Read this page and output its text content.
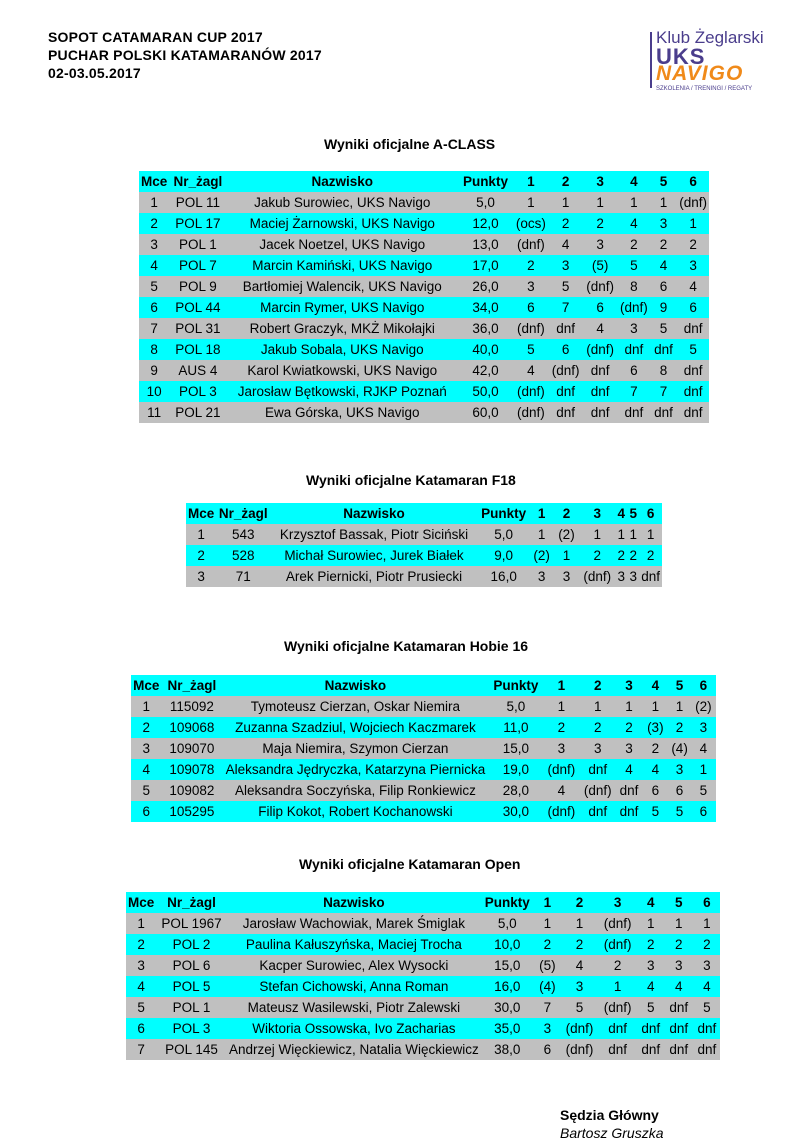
SOPOT CATAMARAN CUP 2017
PUCHAR POLSKI KATAMARANÓW 2017
02-03.05.2017
Klub Żeglarski
UKS
NAVIGO
SZKOLENIA / TRENINGI / REGATY
Wyniki oficjalne A-CLASS
Mce	Nr_żagl	Nazwisko	Punkty	1	2	3	4	5	6
1	POL 11	Jakub Surowiec, UKS Navigo	5,0	1	1	1	1	1	(dnf)
2	POL 17	Maciej Żarnowski, UKS Navigo	12,0	(ocs)	2	2	4	3	1
3	POL 1	Jacek Noetzel, UKS Navigo	13,0	(dnf)	4	3	2	2	2
4	POL 7	Marcin Kamiński, UKS Navigo	17,0	2	3	(5)	5	4	3
5	POL 9	Bartłomiej Walencik, UKS Navigo	26,0	3	5	(dnf)	8	6	4
6	POL 44	Marcin Rymer, UKS Navigo	34,0	6	7	6	(dnf)	9	6
7	POL 31	Robert Graczyk, MKŻ Mikołajki	36,0	(dnf)	dnf	4	3	5	dnf
8	POL 18	Jakub Sobala, UKS Navigo	40,0	5	6	(dnf)	dnf	dnf	5
9	AUS 4	Karol Kwiatkowski, UKS Navigo	42,0	4	(dnf)	dnf	6	8	dnf
10	POL 3	Jarosław Bętkowski, RJKP Poznań	50,0	(dnf)	dnf	dnf	7	7	dnf
11	POL 21	Ewa Górska, UKS Navigo	60,0	(dnf)	dnf	dnf	dnf	dnf	dnf
Wyniki oficjalne Katamaran F18
Mce	Nr_żagl	Nazwisko	Punkty	1	2	3	4	5	6
1	543	Krzysztof Bassak, Piotr Siciński	5,0	1	(2)	1	1	1	1
2	528	Michał Surowiec, Jurek Białek	9,0	(2)	1	2	2	2	2
3	71	Arek Piernicki, Piotr Prusiecki	16,0	3	3	(dnf)	3	3	dnf
Wyniki oficjalne Katamaran Hobie 16
Mce	Nr_żagl	Nazwisko	Punkty	1	2	3	4	5	6
1	115092	Tymoteusz Cierzan, Oskar Niemira	5,0	1	1	1	1	1	(2)
2	109068	Zuzanna Szadziul, Wojciech Kaczmarek	11,0	2	2	2	(3)	2	3
3	109070	Maja Niemira, Szymon Cierzan	15,0	3	3	3	2	(4)	4
4	109078	Aleksandra Jędryczka, Katarzyna Piernicka	19,0	(dnf)	dnf	4	4	3	1
5	109082	Aleksandra Soczyńska, Filip Ronkiewicz	28,0	4	(dnf)	dnf	6	6	5
6	105295	Filip Kokot, Robert Kochanowski	30,0	(dnf)	dnf	dnf	5	5	6
Wyniki oficjalne Katamaran Open
Mce	Nr_żagl	Nazwisko	Punkty	1	2	3	4	5	6
1	POL 1967	Jarosław Wachowiak, Marek Śmiglak	5,0	1	1	(dnf)	1	1	1
2	POL 2	Paulina Kałuszyńska, Maciej Trocha	10,0	2	2	(dnf)	2	2	2
3	POL 6	Kacper Surowiec, Alex Wysocki	15,0	(5)	4	2	3	3	3
4	POL 5	Stefan Cichowski, Anna Roman	16,0	(4)	3	1	4	4	4
5	POL 1	Mateusz Wasilewski, Piotr Zalewski	30,0	7	5	(dnf)	5	dnf	5
6	POL 3	Wiktoria Ossowska, Ivo Zacharias	35,0	3	(dnf)	dnf	dnf	dnf	dnf
7	POL 145	Andrzej Więckiewicz, Natalia Więckiewicz	38,0	6	(dnf)	dnf	dnf	dnf	dnf
Sędzia Główny
Bartosz Gruszka
